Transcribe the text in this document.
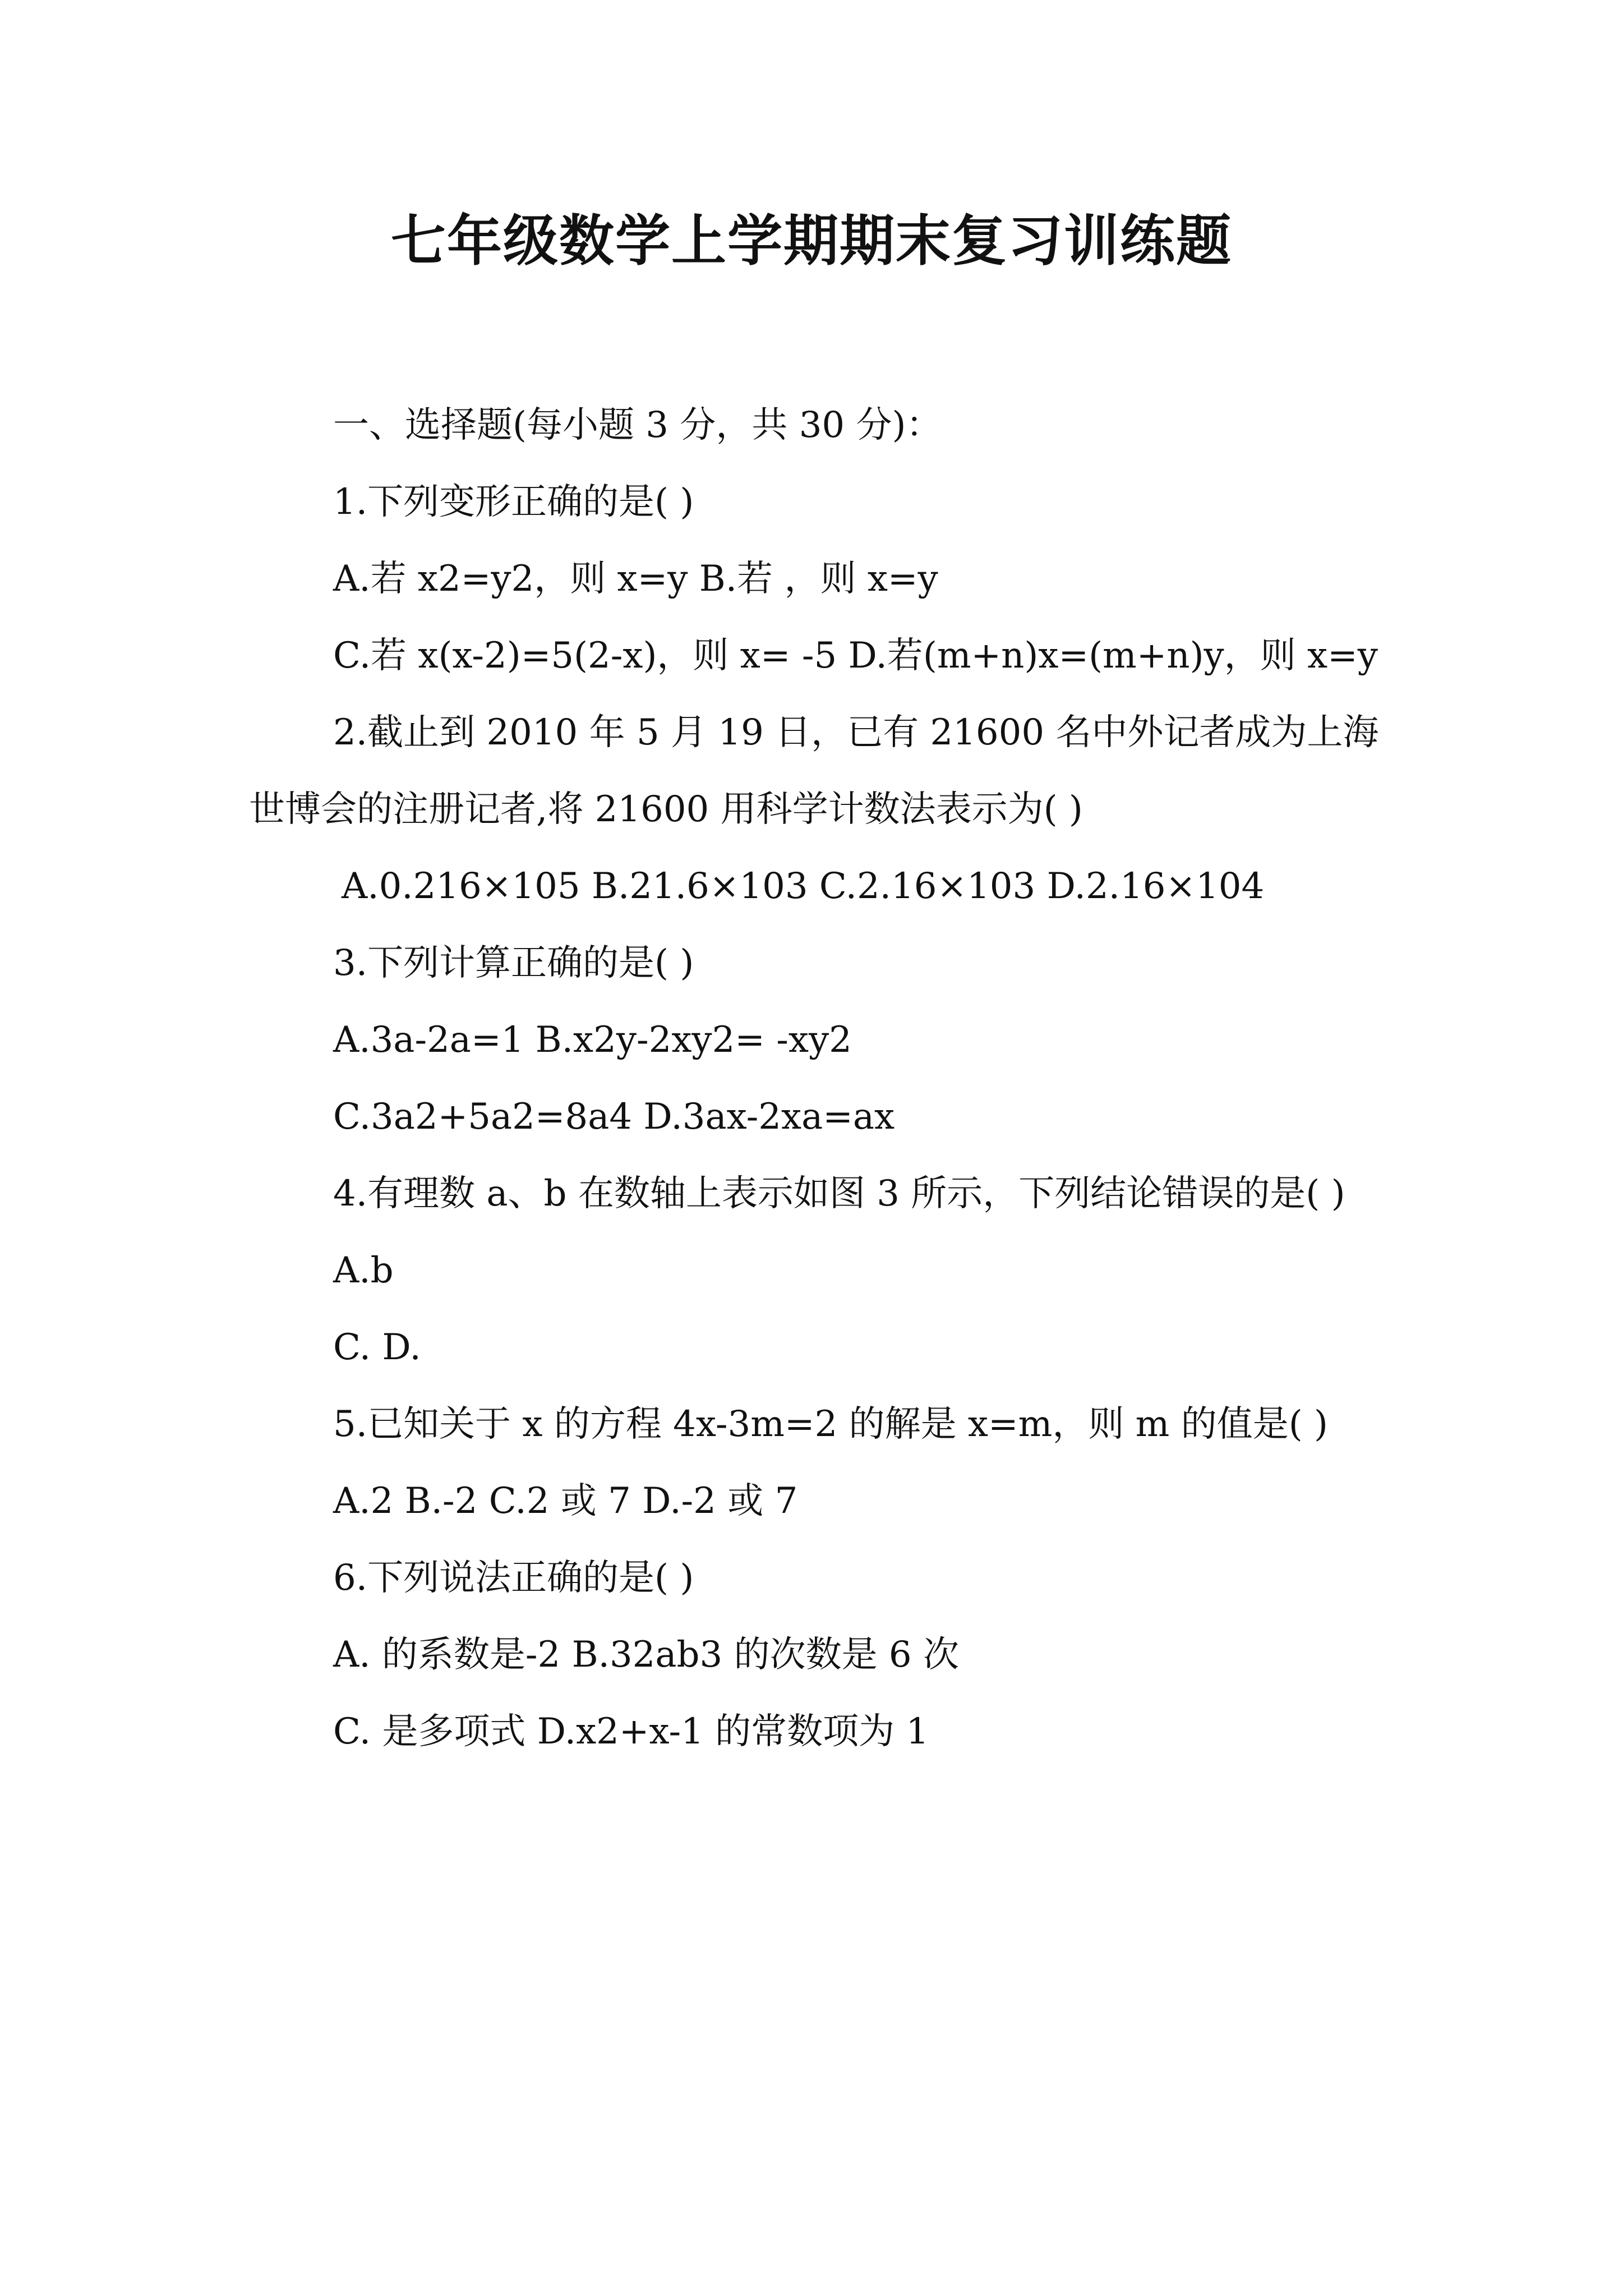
七年级数学上学期期末复习训练题

一、选择题(每小题 3 分，共 30 分)：

1.下列变形正确的是( )

A.若 x2=y2，则 x=y B.若 ，则 x=y

C.若 x(x-2)=5(2-x)，则 x= -5 D.若(m+n)x=(m+n)y，则 x=y

2.截止到 2010 年 5 月 19 日，已有 21600 名中外记者成为上海世博会的注册记者,将 21600 用科学计数法表示为( )

A.0.216×105 B.21.6×103 C.2.16×103 D.2.16×104

3.下列计算正确的是( )

A.3a-2a=1 B.x2y-2xy2= -xy2

C.3a2+5a2=8a4 D.3ax-2xa=ax

4.有理数 a、b 在数轴上表示如图 3 所示，下列结论错误的是( )

A.b

C. D.

5.已知关于 x 的方程 4x-3m=2 的解是 x=m，则 m 的值是( )

A.2 B.-2 C.2 或 7 D.-2 或 7

6.下列说法正确的是( )

A. 的系数是-2 B.32ab3 的次数是 6 次

C. 是多项式 D.x2+x-1 的常数项为 1
